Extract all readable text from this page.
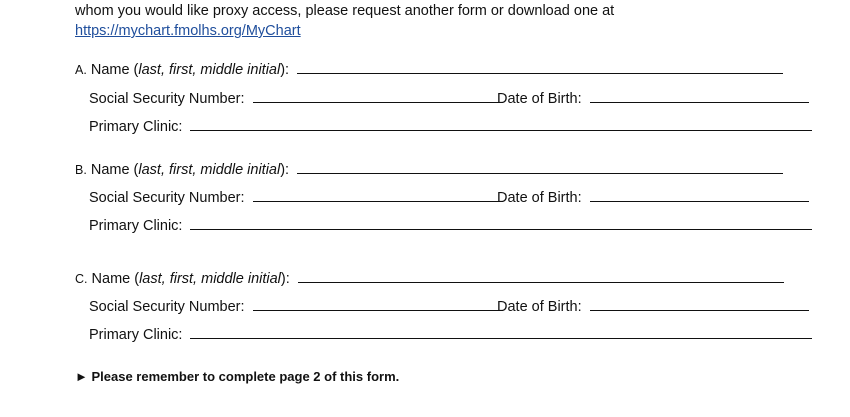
whom you would like proxy access, please request another form or download one at
https://mychart.fmolhs.org/MyChart
A. Name (last, first, middle initial):
Social Security Number:	Date of Birth:
Primary Clinic:
B. Name (last, first, middle initial):
Social Security Number:	Date of Birth:
Primary Clinic:
C. Name (last, first, middle initial):
Social Security Number:	Date of Birth:
Primary Clinic:
► Please remember to complete page 2 of this form.
